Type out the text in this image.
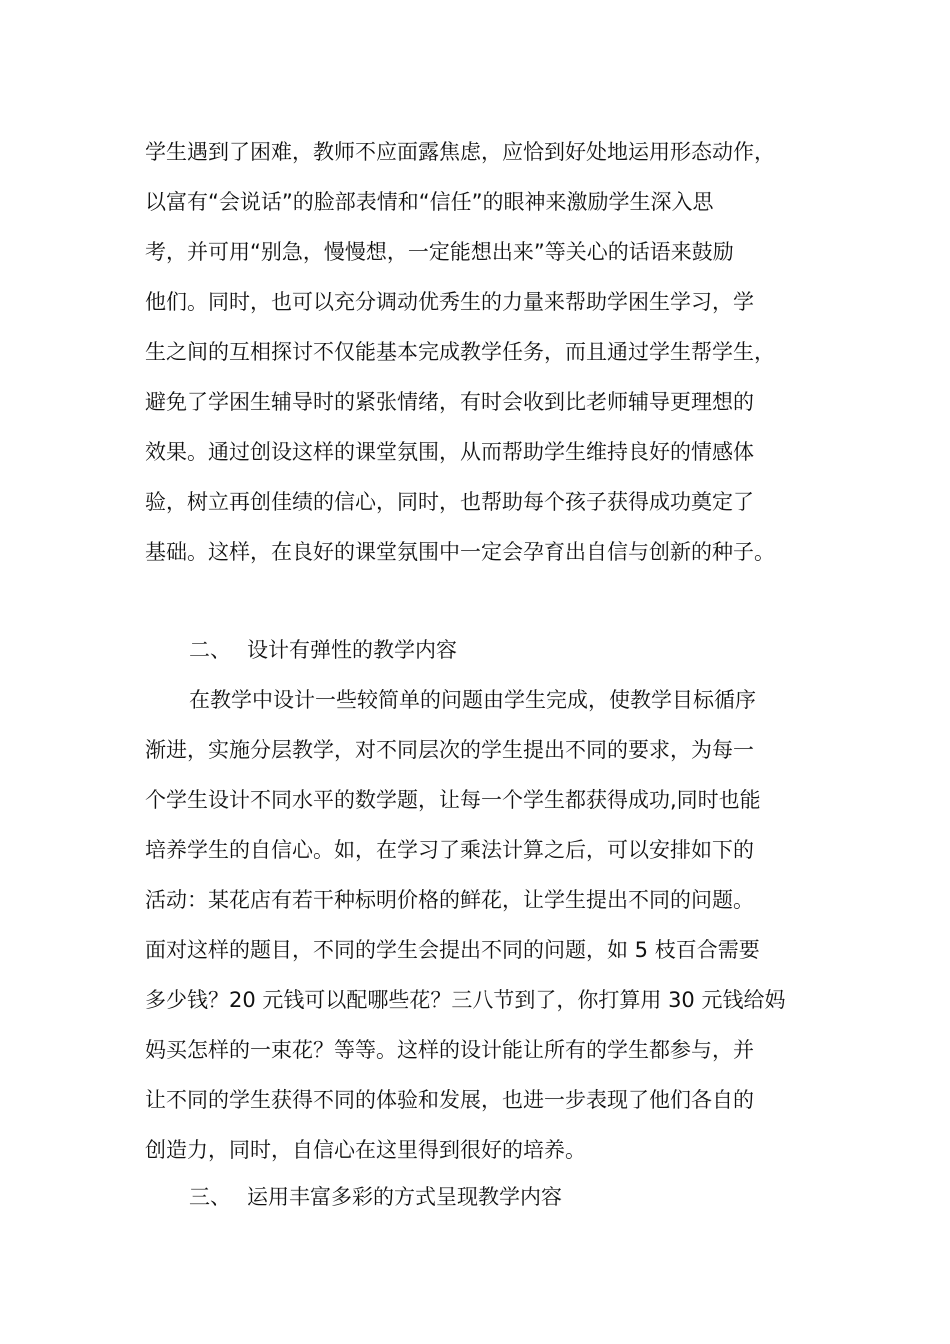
学生遇到了困难，教师不应面露焦虑，应恰到好处地运用形态动作，
以富有“会说话”的脸部表情和“信任”的眼神来激励学生深入思
考，并可用“别急，慢慢想，一定能想出来”等关心的话语来鼓励
他们。同时，也可以充分调动优秀生的力量来帮助学困生学习，学
生之间的互相探讨不仅能基本完成教学任务，而且通过学生帮学生，
避免了学困生辅导时的紧张情绪，有时会收到比老师辅导更理想的
效果。通过创设这样的课堂氛围，从而帮助学生维持良好的情感体
验，树立再创佳绩的信心，同时，也帮助每个孩子获得成功奠定了
基础。这样，在良好的课堂氛围中一定会孕育出自信与创新的种子。
二、 设计有弹性的教学内容
在教学中设计一些较简单的问题由学生完成，使教学目标循序
渐进，实施分层教学，对不同层次的学生提出不同的要求，为每一
个学生设计不同水平的数学题，让每一个学生都获得成功,同时也能
培养学生的自信心。如，在学习了乘法计算之后，可以安排如下的
活动：某花店有若干种标明价格的鲜花，让学生提出不同的问题。
面对这样的题目，不同的学生会提出不同的问题，如 5 枝百合需要
多少钱？20 元钱可以配哪些花？三八节到了，你打算用 30 元钱给妈
妈买怎样的一束花？等等。这样的设计能让所有的学生都参与，并
让不同的学生获得不同的体验和发展，也进一步表现了他们各自的
创造力，同时，自信心在这里得到很好的培养。
三、 运用丰富多彩的方式呈现教学内容
